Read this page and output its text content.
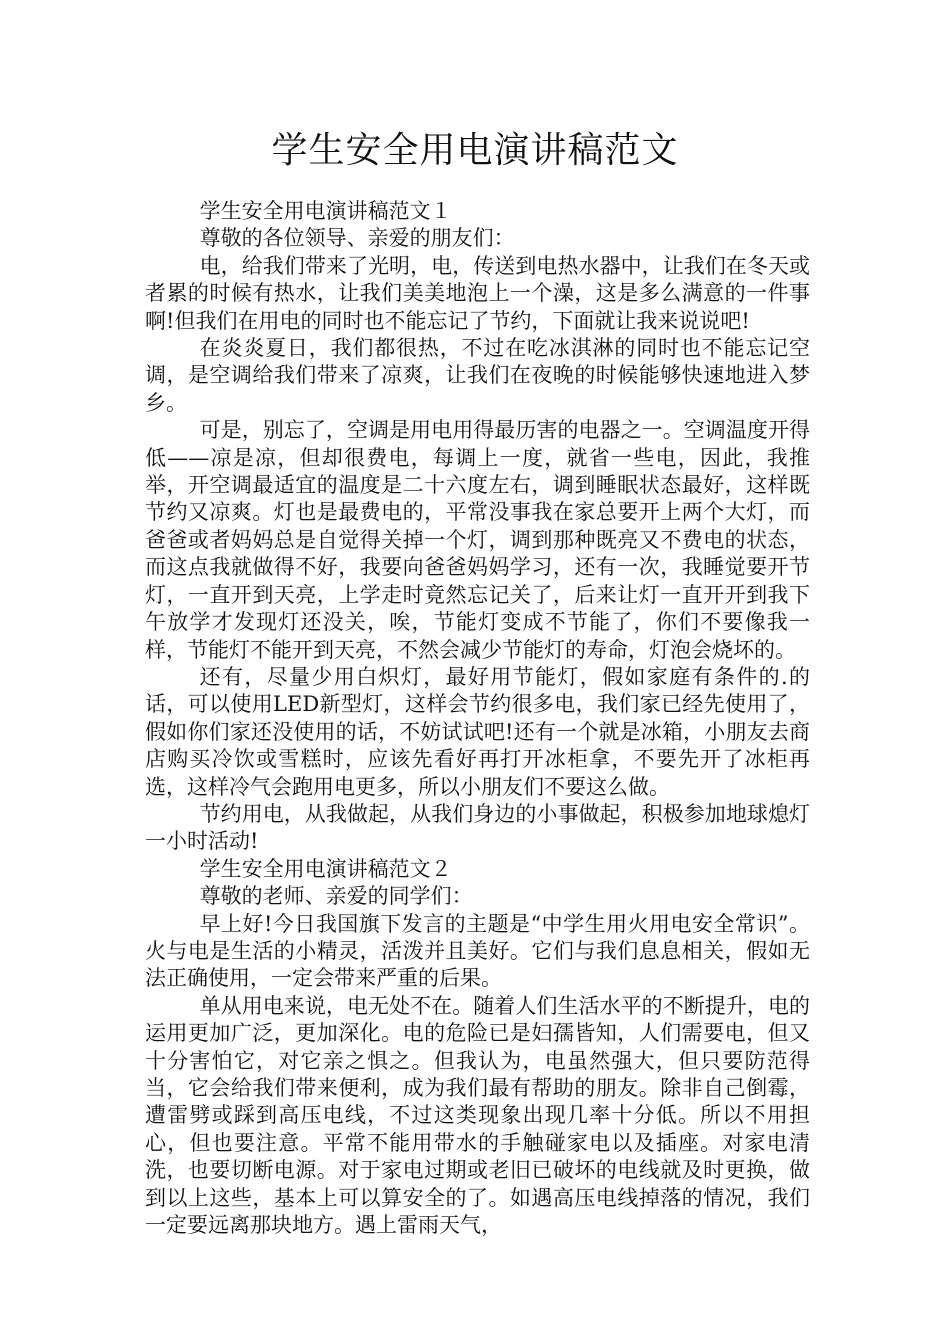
学生安全用电演讲稿范文

学生安全用电演讲稿范文１

尊敬的各位领导、亲爱的朋友们：

电，给我们带来了光明，电，传送到电热水器中，让我们在冬天或者累的时候有热水，让我们美美地泡上一个澡，这是多么满意的一件事啊!但我们在用电的同时也不能忘记了节约，下面就让我来说说吧!

在炎炎夏日，我们都很热，不过在吃冰淇淋的同时也不能忘记空调，是空调给我们带来了凉爽，让我们在夜晚的时候能够快速地进入梦乡。

可是，别忘了，空调是用电用得最历害的电器之一。空调温度开得低——凉是凉，但却很费电，每调上一度，就省一些电，因此，我推举，开空调最适宜的温度是二十六度左右，调到睡眠状态最好，这样既节约又凉爽。灯也是最费电的，平常没事我在家总要开上两个大灯，而爸爸或者妈妈总是自觉得关掉一个灯，调到那种既亮又不费电的状态，而这点我就做得不好，我要向爸爸妈妈学习，还有一次，我睡觉要开节灯，一直开到天亮，上学走时竟然忘记关了，后来让灯一直开开到我下午放学才发现灯还没关，唉，节能灯变成不节能了，你们不要像我一样，节能灯不能开到天亮，不然会减少节能灯的寿命，灯泡会烧坏的。

还有，尽量少用白炽灯，最好用节能灯，假如家庭有条件的.的话，可以使用LED新型灯，这样会节约很多电，我们家已经先使用了，假如你们家还没使用的话，不妨试试吧!还有一个就是冰箱，小朋友去商店购买冷饮或雪糕时，应该先看好再打开冰柜拿，不要先开了冰柜再选，这样冷气会跑用电更多，所以小朋友们不要这么做。

节约用电，从我做起，从我们身边的小事做起，积极参加地球熄灯一小时活动!

学生安全用电演讲稿范文２

尊敬的老师、亲爱的同学们：

早上好!今日我国旗下发言的主题是“中学生用火用电安全常识”。火与电是生活的小精灵，活泼并且美好。它们与我们息息相关，假如无法正确使用，一定会带来严重的后果。

单从用电来说，电无处不在。随着人们生活水平的不断提升，电的运用更加广泛，更加深化。电的危险已是妇孺皆知，人们需要电，但又十分害怕它，对它亲之惧之。但我认为，电虽然强大，但只要防范得当，它会给我们带来便利，成为我们最有帮助的朋友。除非自己倒霉，遭雷劈或踩到高压电线，不过这类现象出现几率十分低。所以不用担心，但也要注意。平常不能用带水的手触碰家电以及插座。对家电清洗，也要切断电源。对于家电过期或老旧已破坏的电线就及时更换，做到以上这些，基本上可以算安全的了。如遇高压电线掉落的情况，我们一定要远离那块地方。遇上雷雨天气，
